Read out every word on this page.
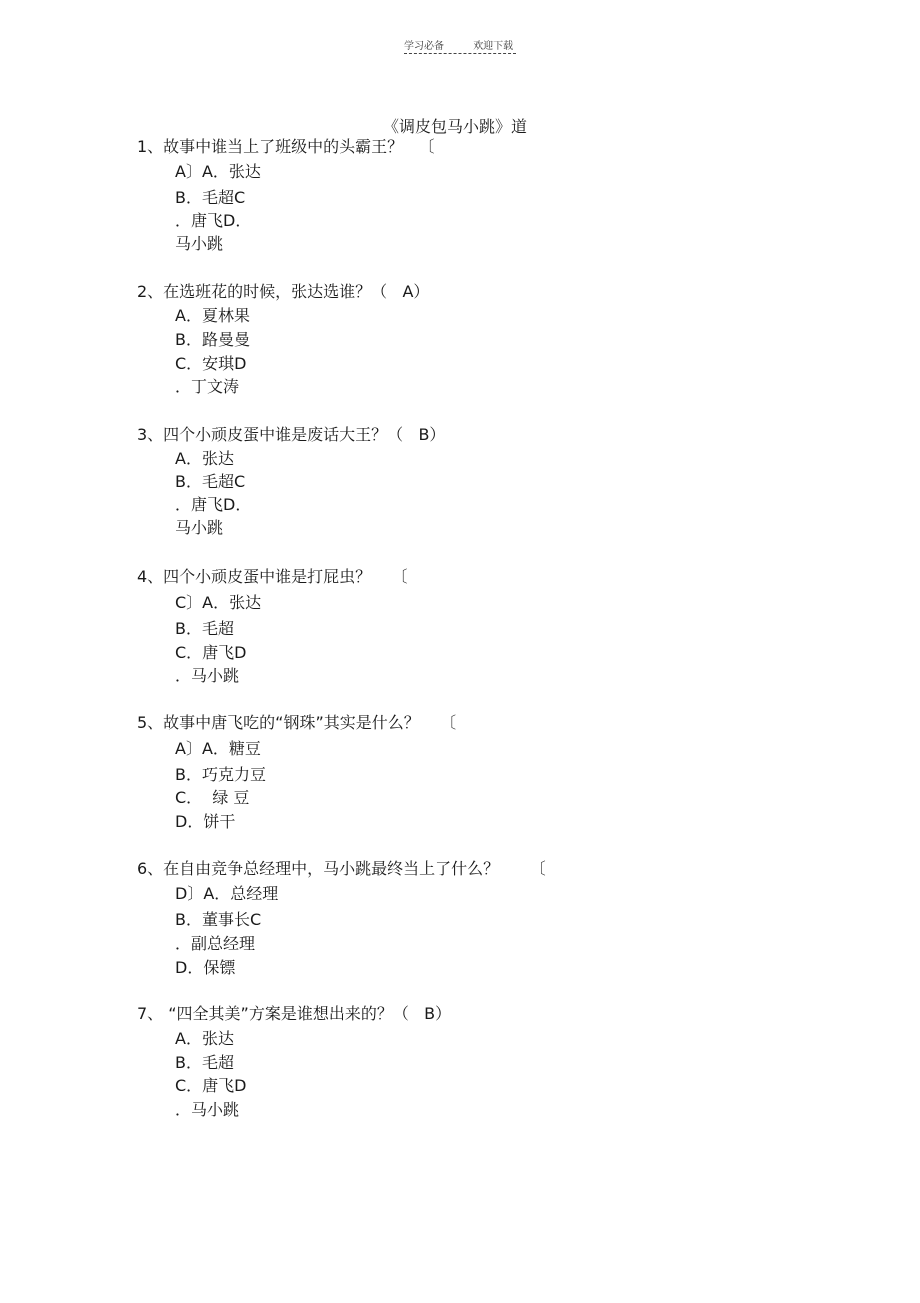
学习必备	欢迎下载
《调皮包马小跳》道
1、故事中谁当上了班级中的头霸王？   〔
A〕A．张达
B．毛超C
．唐飞D．
马小跳
2、在选班花的时候，张达选谁？（   A）
A．夏林果
B．路曼曼
C．安琪D
．丁文涛
3、四个小顽皮蛋中谁是废话大王？（   B）
A．张达
B．毛超C
．唐飞D．
马小跳
4、四个小顽皮蛋中谁是打屁虫？    〔
C〕A．张达
B．毛超
C．唐飞D
．马小跳
5、故事中唐飞吃的“钢珠”其实是什么？    〔
A〕A．糖豆
B．巧克力豆
C．  绿 豆
D．饼干
6、在自由竞争总经理中，马小跳最终当上了什么？      〔
D〕A．总经理
B．董事长C
．副总经理
D．保镖
7、 “四全其美”方案是谁想出来的？（   B）
A．张达
B．毛超
C．唐飞D
．马小跳
